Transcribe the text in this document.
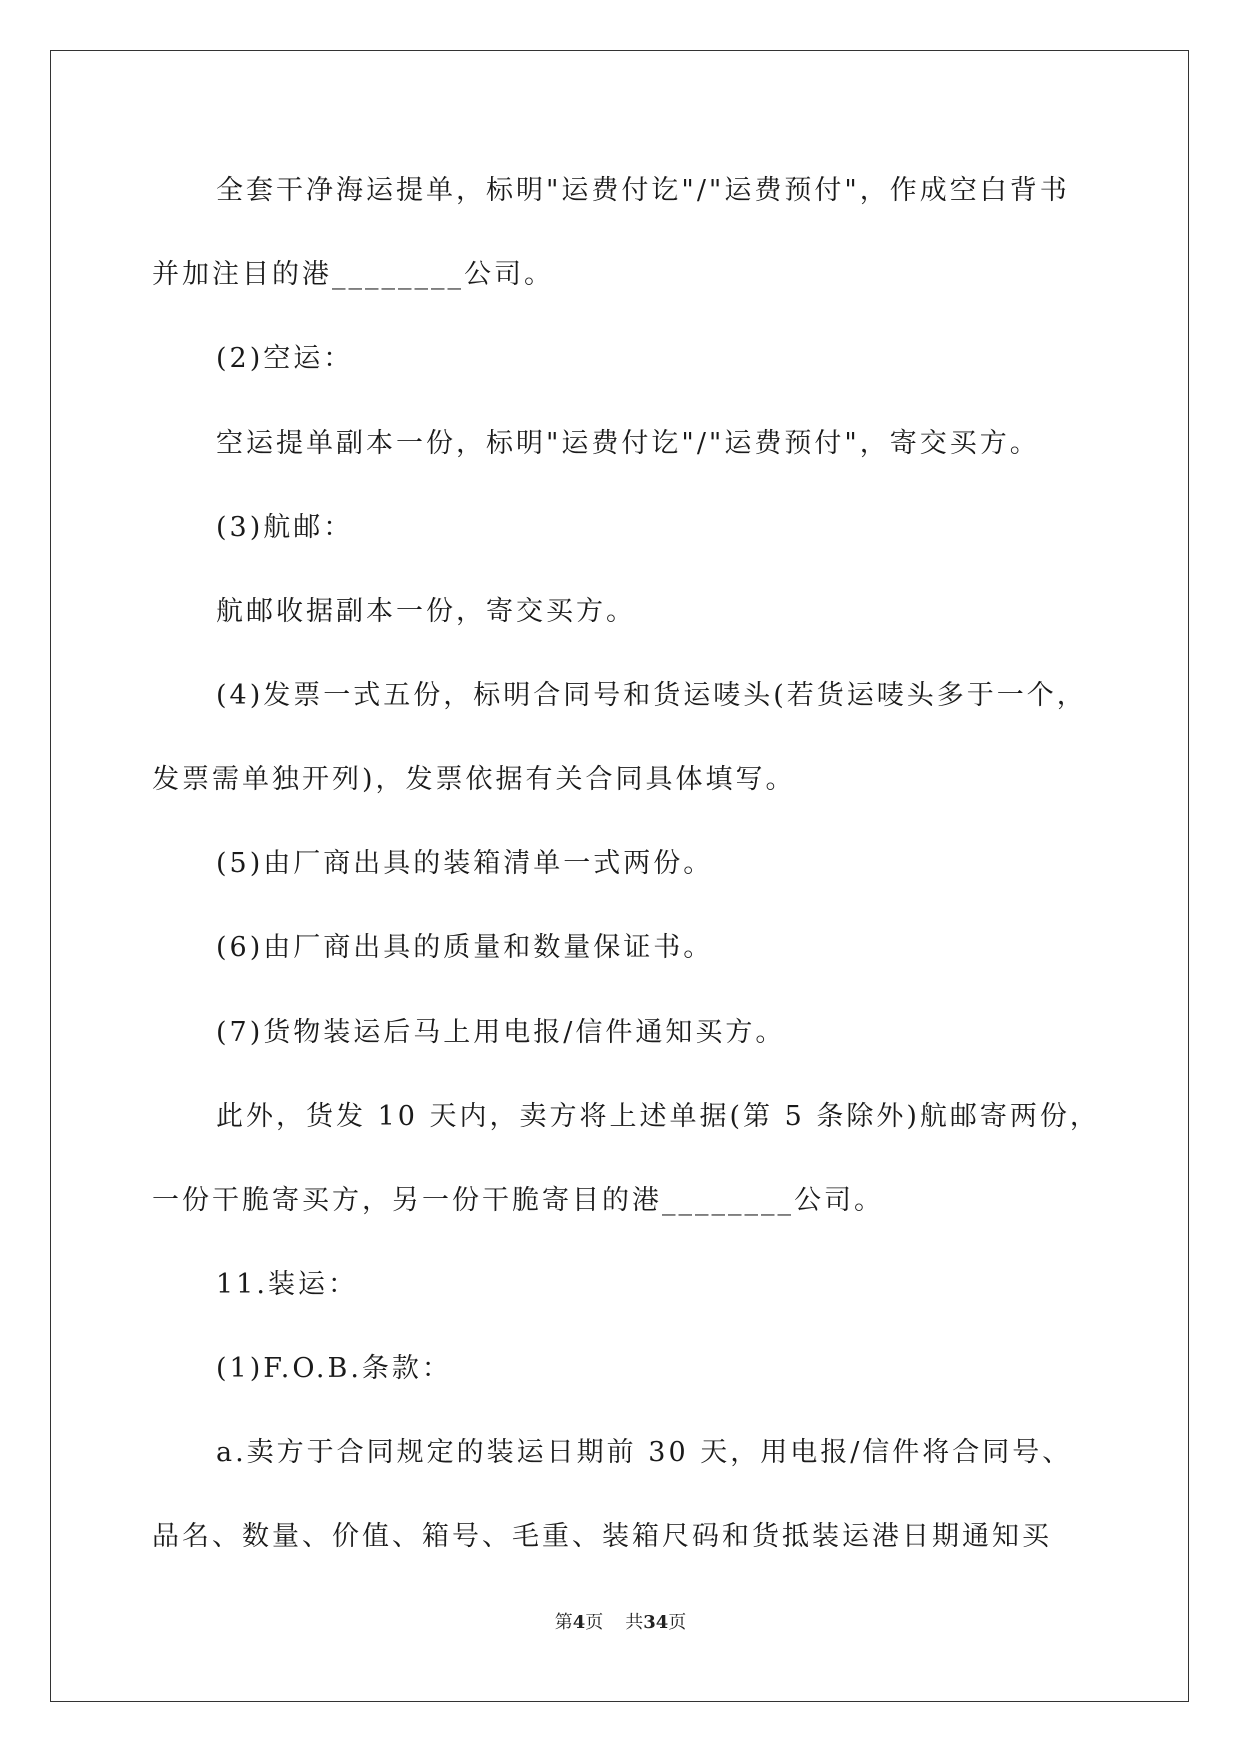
全套干净海运提单，标明"运费付讫"/"运费预付"，作成空白背书
并加注目的港________公司。
(2)空运：
空运提单副本一份，标明"运费付讫"/"运费预付"，寄交买方。
(3)航邮：
航邮收据副本一份，寄交买方。
(4)发票一式五份，标明合同号和货运唛头(若货运唛头多于一个，
发票需单独开列)，发票依据有关合同具体填写。
(5)由厂商出具的装箱清单一式两份。
(6)由厂商出具的质量和数量保证书。
(7)货物装运后马上用电报/信件通知买方。
此外，货发 10 天内，卖方将上述单据(第 5 条除外)航邮寄两份，
一份干脆寄买方，另一份干脆寄目的港________公司。
11.装运：
(1)F.O.B.条款：
a.卖方于合同规定的装运日期前 30 天，用电报/信件将合同号、
品名、数量、价值、箱号、毛重、装箱尺码和货抵装运港日期通知买
第4页 共34页
